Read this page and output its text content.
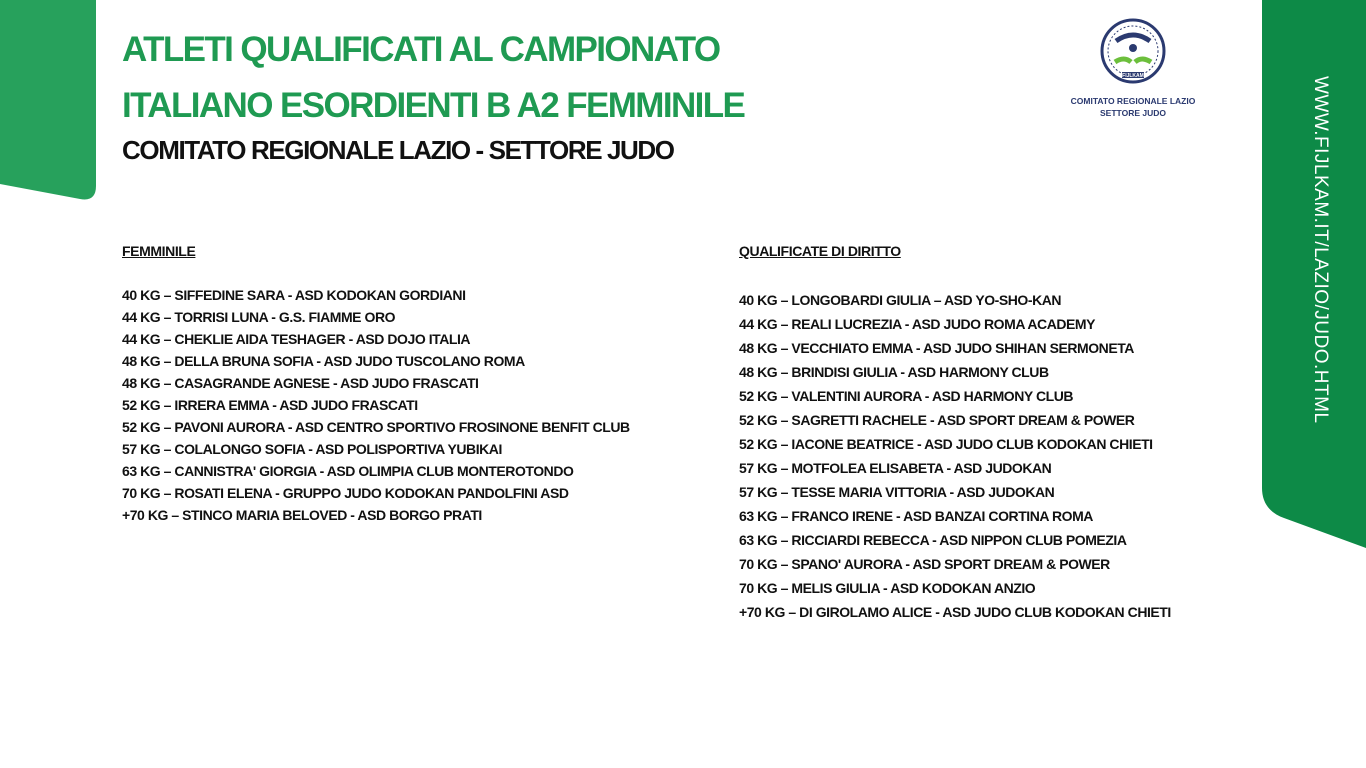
WWW.FIJLKAM.IT/LAZIO/JUDO.HTML
ATLETI QUALIFICATI AL CAMPIONATO
ITALIANO ESORDIENTI B A2 FEMMINILE
COMITATO REGIONALE LAZIO - SETTORE JUDO
FIJLKAM
COMITATO REGIONALE LAZIO
SETTORE JUDO
FEMMINILE
40 KG – SIFFEDINE SARA - ASD KODOKAN GORDIANI
44 KG – TORRISI LUNA - G.S. FIAMME ORO
44 KG – CHEKLIE AIDA TESHAGER - ASD DOJO ITALIA
48 KG – DELLA BRUNA SOFIA - ASD JUDO TUSCOLANO ROMA
48 KG – CASAGRANDE AGNESE - ASD JUDO FRASCATI
52 KG – IRRERA EMMA - ASD JUDO FRASCATI
52 KG – PAVONI AURORA - ASD CENTRO SPORTIVO FROSINONE BENFIT CLUB
57 KG – COLALONGO SOFIA - ASD POLISPORTIVA YUBIKAI
63 KG – CANNISTRA' GIORGIA - ASD OLIMPIA CLUB MONTEROTONDO
70 KG – ROSATI ELENA - GRUPPO JUDO KODOKAN PANDOLFINI ASD
+70 KG – STINCO MARIA BELOVED - ASD BORGO PRATI
QUALIFICATE DI DIRITTO
40 KG – LONGOBARDI GIULIA – ASD YO-SHO-KAN
44 KG – REALI LUCREZIA - ASD JUDO ROMA ACADEMY
48 KG – VECCHIATO EMMA - ASD JUDO SHIHAN SERMONETA
48 KG – BRINDISI GIULIA - ASD HARMONY CLUB
52 KG – VALENTINI AURORA - ASD HARMONY CLUB
52 KG – SAGRETTI RACHELE - ASD SPORT DREAM & POWER
52 KG – IACONE BEATRICE - ASD JUDO CLUB KODOKAN CHIETI
57 KG – MOTFOLEA ELISABETA - ASD JUDOKAN
57 KG – TESSE MARIA VITTORIA - ASD JUDOKAN
63 KG – FRANCO IRENE - ASD BANZAI CORTINA ROMA
63 KG – RICCIARDI REBECCA - ASD NIPPON CLUB POMEZIA
70 KG – SPANO' AURORA - ASD SPORT DREAM & POWER
70 KG – MELIS GIULIA - ASD KODOKAN ANZIO
+70 KG – DI GIROLAMO ALICE - ASD JUDO CLUB KODOKAN CHIETI
